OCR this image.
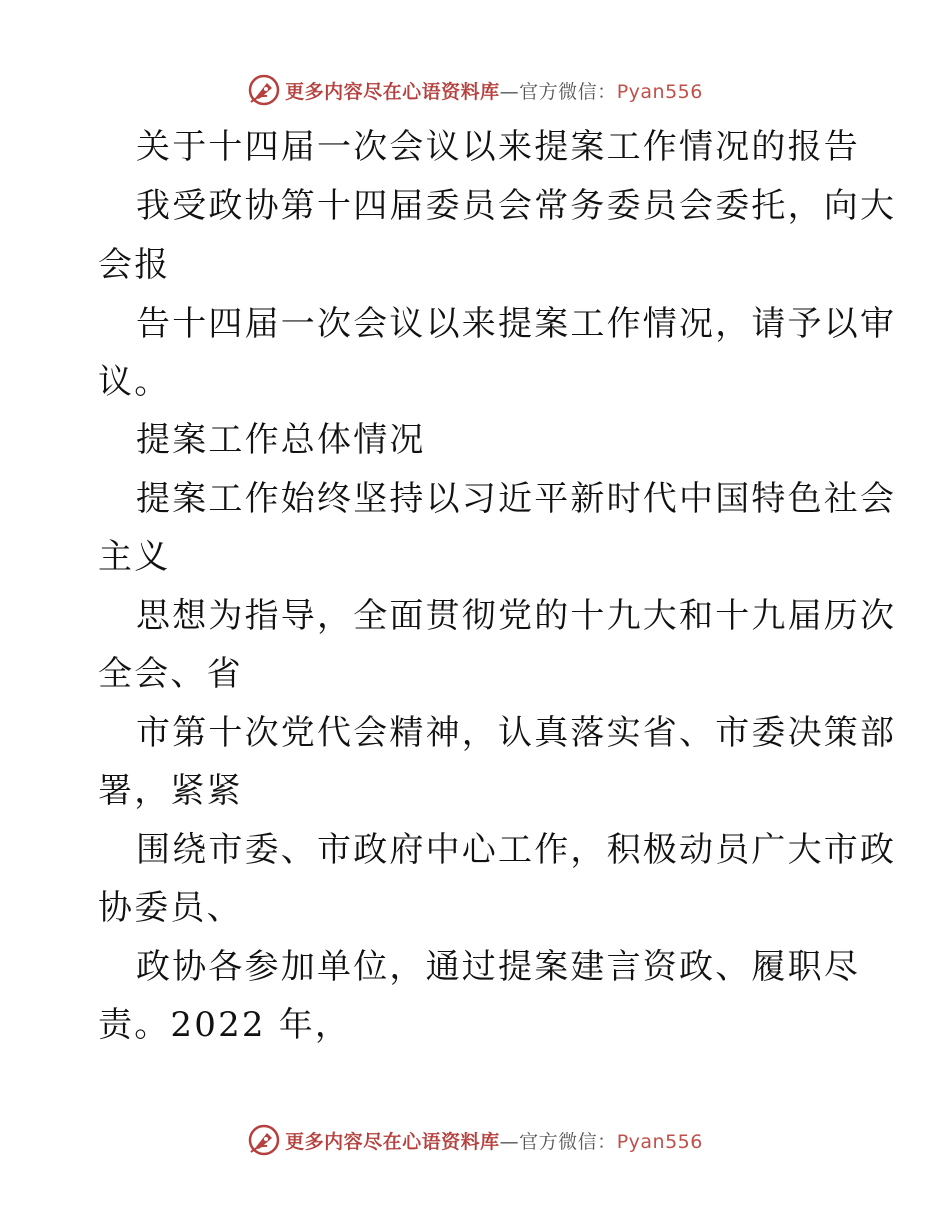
更多内容尽在心语资料库—官方微信：Pyan556
关于十四届一次会议以来提案工作情况的报告
我受政协第十四届委员会常务委员会委托，向大
会报
告十四届一次会议以来提案工作情况，请予以审
议。
提案工作总体情况
提案工作始终坚持以习近平新时代中国特色社会
主义
思想为指导，全面贯彻党的十九大和十九届历次
全会、省
市第十次党代会精神，认真落实省、市委决策部
署，紧紧
围绕市委、市政府中心工作，积极动员广大市政
协委员、
政协各参加单位，通过提案建言资政、履职尽
责。2022 年，
更多内容尽在心语资料库—官方微信：Pyan556
